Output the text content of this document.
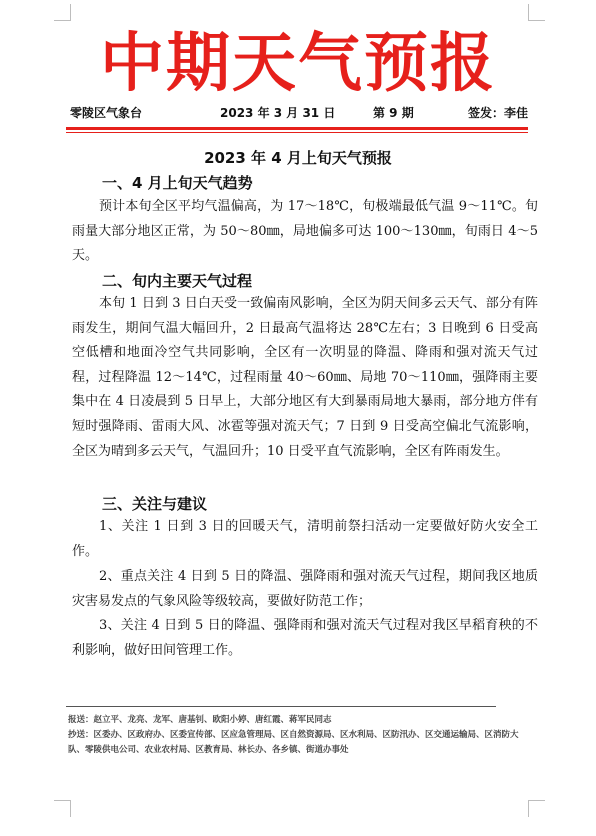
中期天气预报
零陵区气象台	2023 年 3 月 31 日	第 9 期	签发：李佳
2023 年 4 月上旬天气预报
一、4 月上旬天气趋势

预计本旬全区平均气温偏高，为 17～18℃，旬极端最低气温 9～11℃。旬雨量大部分地区正常，为 50～80㎜，局地偏多可达 100～130㎜，旬雨日 4～5 天。

二、旬内主要天气过程

本旬 1 日到 3 日白天受一致偏南风影响，全区为阴天间多云天气、部分有阵雨发生，期间气温大幅回升，2 日最高气温将达 28℃左右；3 日晚到 6 日受高空低槽和地面冷空气共同影响，全区有一次明显的降温、降雨和强对流天气过程，过程降温 12～14℃，过程雨量 40～60㎜、局地 70～110㎜，强降雨主要集中在 4 日凌晨到 5 日早上，大部分地区有大到暴雨局地大暴雨，部分地方伴有短时强降雨、雷雨大风、冰雹等强对流天气；7 日到 9 日受高空偏北气流影响，全区为晴到多云天气，气温回升；10 日受平直气流影响，全区有阵雨发生。

三、关注与建议

1、关注 1 日到 3 日的回暖天气，清明前祭扫活动一定要做好防火安全工作。

2、重点关注 4 日到 5 日的降温、强降雨和强对流天气过程，期间我区地质灾害易发点的气象风险等级较高，要做好防范工作；

3、关注 4 日到 5 日的降温、强降雨和强对流天气过程对我区早稻育秧的不利影响，做好田间管理工作。

报送：赵立平、龙亮、龙军、唐基钊、欧阳小婷、唐红霞、蒋军民同志
抄送：区委办、区政府办、区委宣传部、区应急管理局、区自然资源局、区水利局、区防汛办、区交通运输局、区消防大队、零陵供电公司、农业农村局、区教育局、林长办、各乡镇、街道办事处
